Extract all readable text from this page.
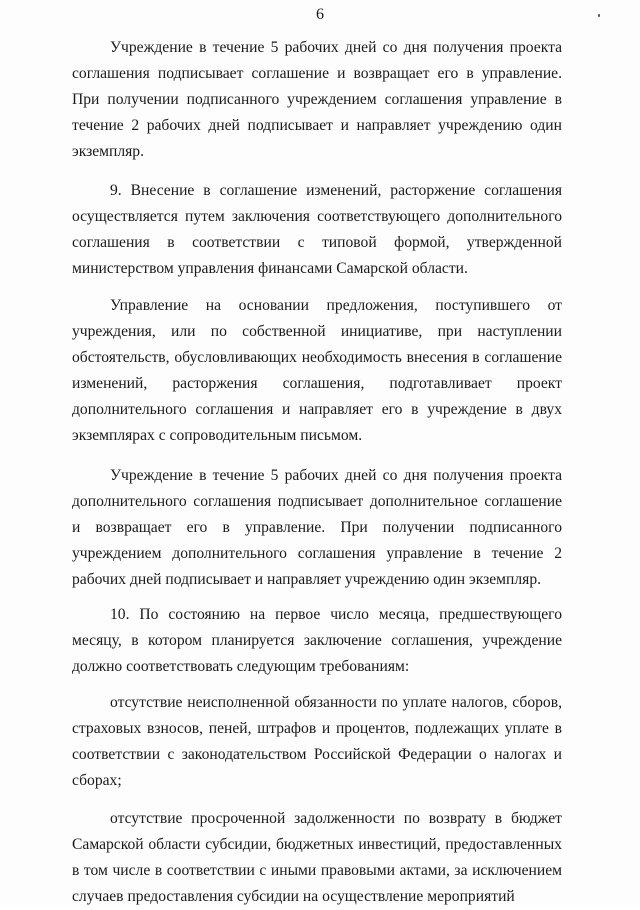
6

Учреждение в течение 5 рабочих дней со дня получения проекта соглашения подписывает соглашение и возвращает его в управление. При получении подписанного учреждением соглашения управление в течение 2 рабочих дней подписывает и направляет учреждению один экземпляр.

9. Внесение в соглашение изменений, расторжение соглашения осуществляется путем заключения соответствующего дополнительного соглашения в соответствии с типовой формой, утвержденной министерством управления финансами Самарской области.

Управление на основании предложения, поступившего от учреждения, или по собственной инициативе, при наступлении обстоятельств, обусловливающих необходимость внесения в соглашение изменений, расторжения соглашения, подготавливает проект дополнительного соглашения и направляет его в учреждение в двух экземплярах с сопроводительным письмом.

Учреждение в течение 5 рабочих дней со дня получения проекта дополнительного соглашения подписывает дополнительное соглашение и возвращает его в управление. При получении подписанного учреждением дополнительного соглашения управление в течение 2 рабочих дней подписывает и направляет учреждению один экземпляр.

10. По состоянию на первое число месяца, предшествующего месяцу, в котором планируется заключение соглашения, учреждение должно соответствовать следующим требованиям:

отсутствие неисполненной обязанности по уплате налогов, сборов, страховых взносов, пеней, штрафов и процентов, подлежащих уплате в соответствии с законодательством Российской Федерации о налогах и сборах;

отсутствие просроченной задолженности по возврату в бюджет Самарской области субсидии, бюджетных инвестиций, предоставленных в том числе в соответствии с иными правовыми актами, за исключением случаев предоставления субсидии на осуществление мероприятий
